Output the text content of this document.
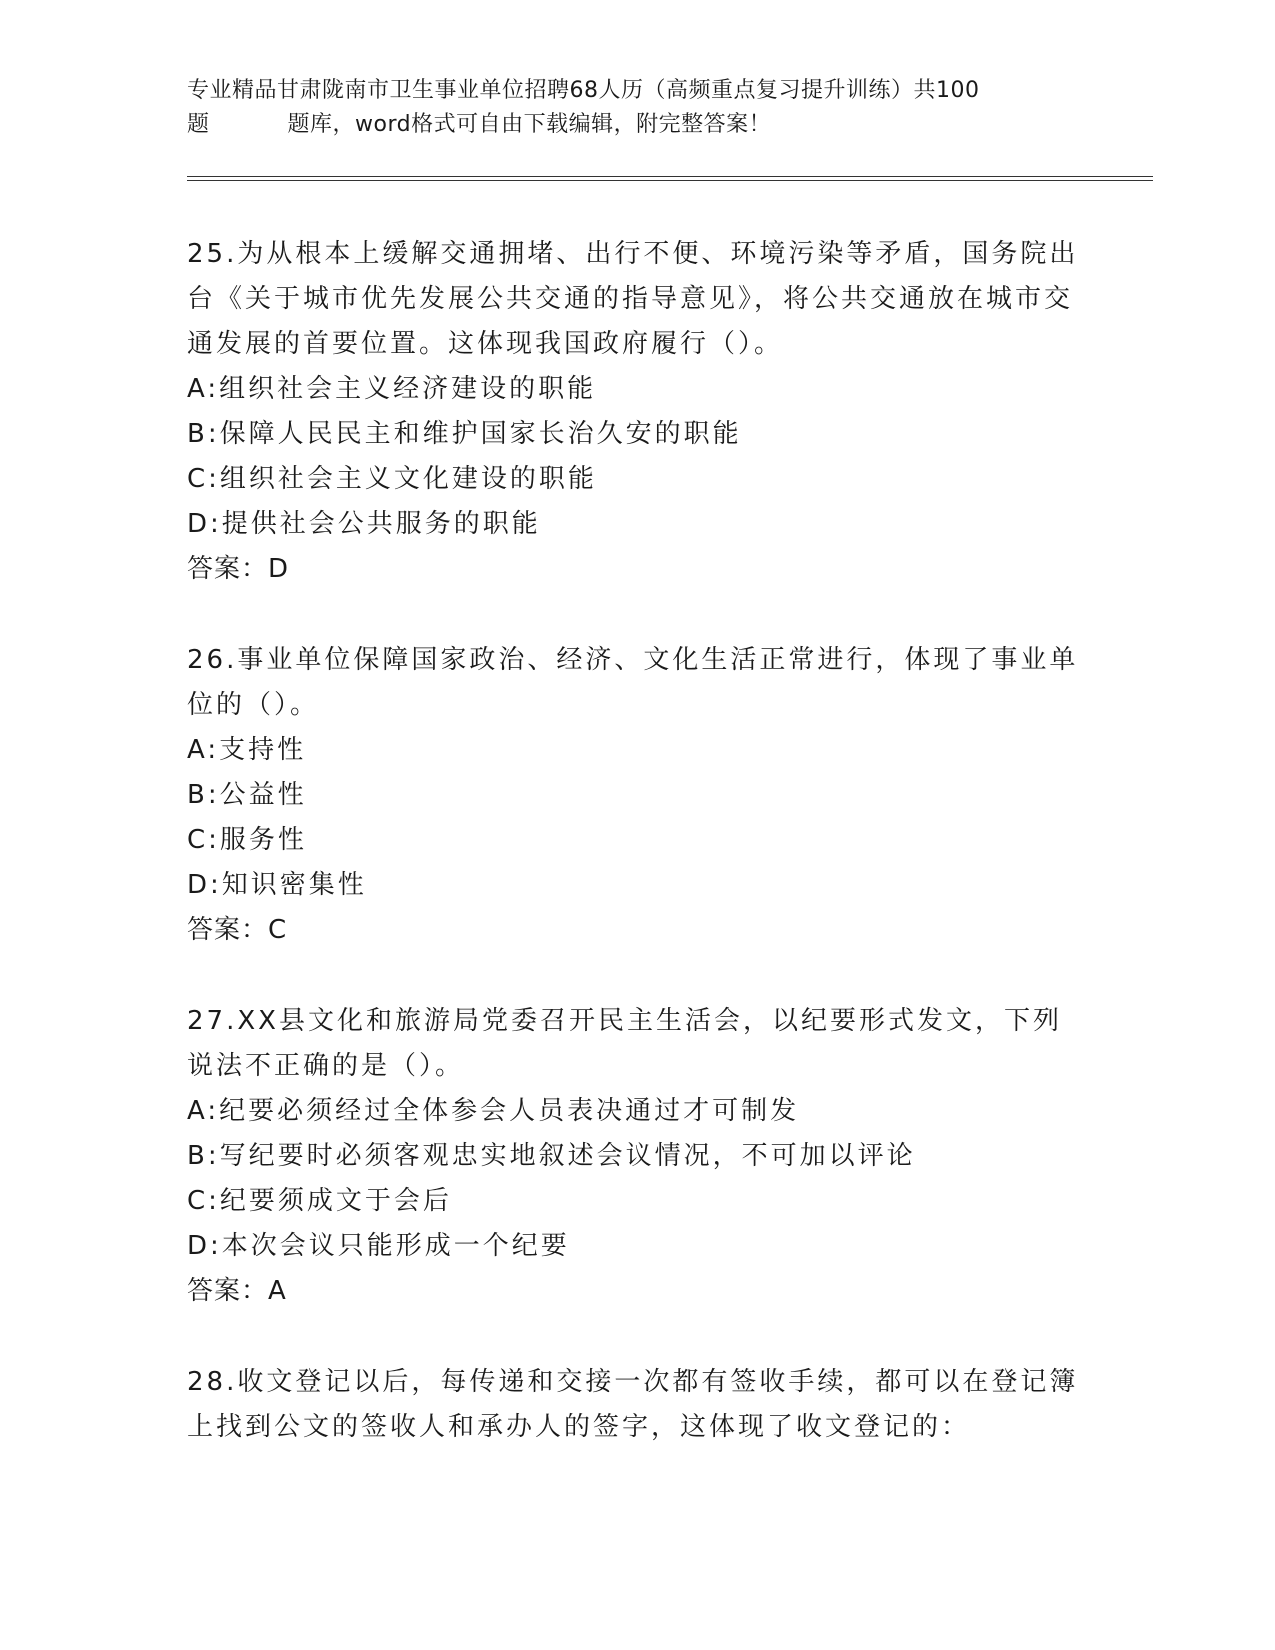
专业精品甘肃陇南市卫生事业单位招聘68人历（高频重点复习提升训练）共100
题	题库，word格式可自由下载编辑，附完整答案！
25.为从根本上缓解交通拥堵、出行不便、环境污染等矛盾，国务院出台《关于城市优先发展公共交通的指导意见》，将公共交通放在城市交通发展的首要位置。这体现我国政府履行（）。
A:组织社会主义经济建设的职能
B:保障人民民主和维护国家长治久安的职能
C:组织社会主义文化建设的职能
D:提供社会公共服务的职能
答案：D
26.事业单位保障国家政治、经济、文化生活正常进行，体现了事业单位的（）。
A:支持性
B:公益性
C:服务性
D:知识密集性
答案：C
27.XX县文化和旅游局党委召开民主生活会，以纪要形式发文，下列说法不正确的是（）。
A:纪要必须经过全体参会人员表决通过才可制发
B:写纪要时必须客观忠实地叙述会议情况，不可加以评论
C:纪要须成文于会后
D:本次会议只能形成一个纪要
答案：A
28.收文登记以后，每传递和交接一次都有签收手续，都可以在登记簿上找到公文的签收人和承办人的签字，这体现了收文登记的：
